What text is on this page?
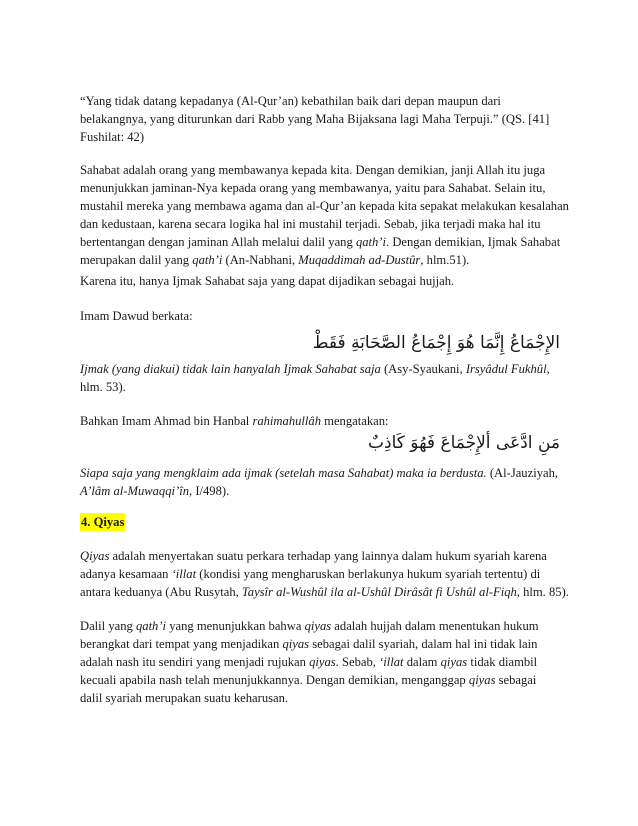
“Yang tidak datang kepadanya (Al-Qur’an) kebathilan baik dari depan maupun dari

belakangnya, yang diturunkan dari Rabb yang Maha Bijaksana lagi Maha Terpuji.” (QS. [41]

Fushilat: 42)

Sahabat adalah orang yang membawanya kepada kita. Dengan demikian, janji Allah itu juga

menunjukkan jaminan-Nya kepada orang yang membawanya, yaitu para Sahabat. Selain itu,

mustahil mereka yang membawa agama dan al-Qur’an kepada kita sepakat melakukan kesalahan

dan kedustaan, karena secara logika hal ini mustahil terjadi. Sebab, jika terjadi maka hal itu

bertentangan dengan jaminan Allah melalui dalil yang qath’i. Dengan demikian, Ijmak Sahabat

merupakan dalil yang qath’i (An-Nabhani, Muqaddimah ad-Dustûr, hlm.51).

Karena itu, hanya Ijmak Sahabat saja yang dapat dijadikan sebagai hujjah.

Imam Dawud berkata:

الإِجْمَاعُ إِنَّمَا هُوَ إِجْمَاعُ الصَّحَابَةِ فَقَطْ

Ijmak (yang diakui) tidak lain hanyalah Ijmak Sahabat saja (Asy-Syaukani, Irsyâdul Fukhûl,

hlm. 53).

Bahkan Imam Ahmad bin Hanbal rahimahullâh mengatakan:

مَنِ ادَّعَى ألإِجْمَاعَ فَهُوَ كَاذِبٌ

Siapa saja yang mengklaim ada ijmak (setelah masa Sahabat) maka ia berdusta. (Al-Jauziyah,

A’lâm al-Muwaqqi’în, I/498).

4. Qiyas

Qiyas adalah menyertakan suatu perkara terhadap yang lainnya dalam hukum syariah karena

adanya kesamaan ‘illat (kondisi yang mengharuskan berlakunya hukum syariah tertentu) di

antara keduanya (Abu Rusytah, Taysîr al-Wushûl ila al-Ushûl Dirâsât fi Ushûl al-Fiqh, hlm. 85).

Dalil yang qath’i yang menunjukkan bahwa qiyas adalah hujjah dalam menentukan hukum

berangkat dari tempat yang menjadikan qiyas sebagai dalil syariah, dalam hal ini tidak lain

adalah nash itu sendiri yang menjadi rujukan qiyas. Sebab, ‘illat dalam qiyas tidak diambil

kecuali apabila nash telah menunjukkannya. Dengan demikian, menganggap qiyas sebagai

dalil syariah merupakan suatu keharusan.
